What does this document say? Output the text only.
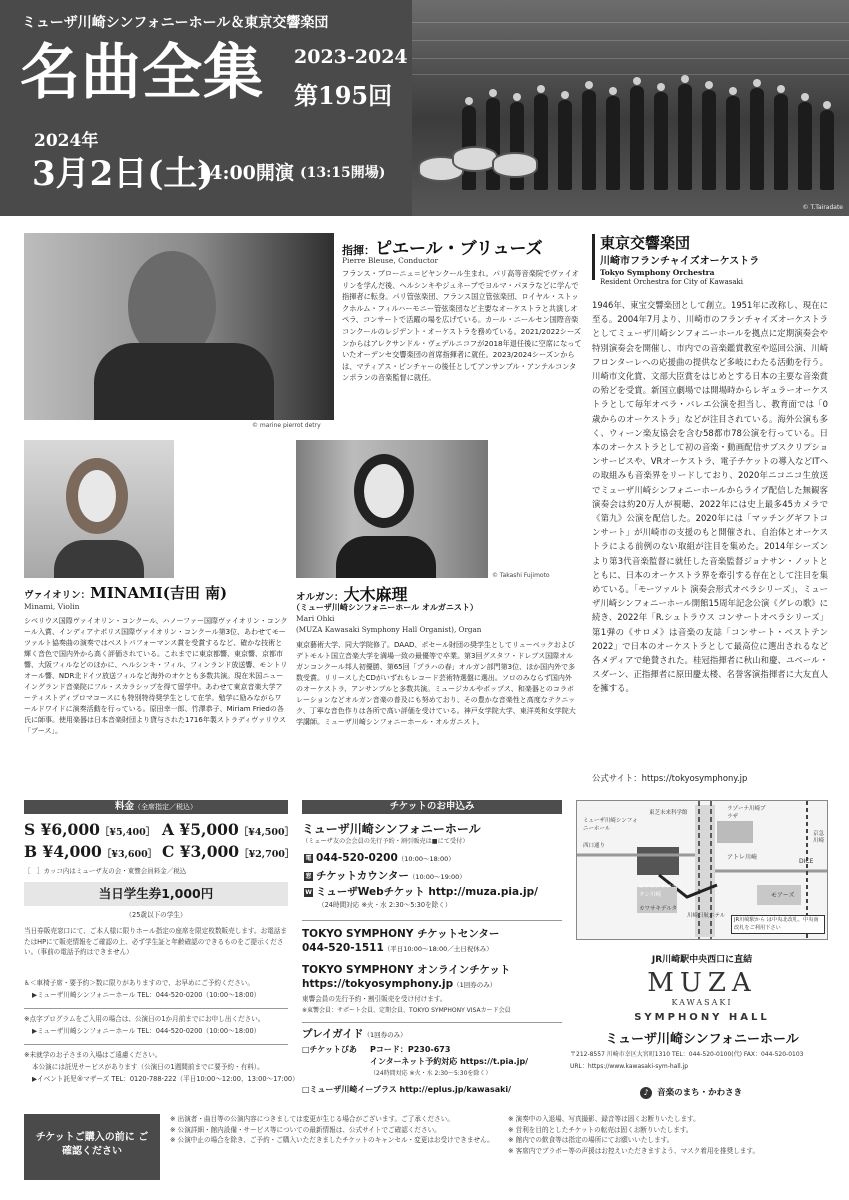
ミューザ川崎シンフォニーホール＆東京交響楽団
名曲全集 2023-2024
第195回
2024年
3月2日(土)
14:00開演 (13:15開場)
© T.Tairadate
© marine pierrot detry
指揮：ピエール・ブリューズ
Pierre Bleuse, Conductor
フランス・ブローニュ＝ビヤンクール生まれ。パリ高等音楽院でヴァイオリンを学んだ後、ヘルシンキやジュネーブでヨルマ・パヌラなどに学んで指揮者に転身。パリ管弦楽団、フランス国立管弦楽団、ロイヤル・ストックホルム・フィルハーモニー管弦楽団など主要なオーケストラと共演しオペラ、コンサートで活躍の場を広げている。カール・ニールセン国際音楽コンクールのレジデント・オーケストラを務めている。2021/2022シーズンからはアレクサンドル・ヴェデルニコフが2018年退任後に空席になっていたオーデンセ交響楽団の首席指揮者に就任。2023/2024シーズンからは、マティアス・ピンチャーの後任としてアンサンブル・アンテルコンタンポランの音楽監督に就任。
東京交響楽団
川崎市フランチャイズオーケストラ
Tokyo Symphony Orchestra
Resident Orchestra for City of Kawasaki
1946年、東宝交響楽団として創立。1951年に改称し、現在に至る。2004年7月より、川崎市のフランチャイズオーケストラとしてミューザ川崎シンフォニーホールを拠点に定期演奏会や特別演奏会を開催し、市内での音楽鑑賞教室や巡回公演、川崎フロンターレへの応援曲の提供など多岐にわたる活動を行う。川崎市文化賞、文部大臣賞をはじめとする日本の主要な音楽賞の殆どを受賞。新国立劇場では開場時からレギュラーオーケストラとして毎年オペラ・バレエ公演を担当し、教育面では「0歳からのオーケストラ」などが注目されている。海外公演も多く、ウィーン楽友協会を含む58都市78公演を行っている。日本のオーケストラとして初の音楽・動画配信サブスクリプションサービスや、VRオーケストラ、電子チケットの導入などITへの取組みも音楽界をリードしており、2020年ニコニコ生放送でミューザ川崎シンフォニーホールからライブ配信した無観客演奏会は約20万人が視聴、2022年には史上最多45カメラで《第九》公演を配信した。2020年には「マッチングギフトコンサート」が川崎市の支援のもと開催され、自治体とオーケストラによる前例のない取組が注目を集めた。2014年シーズンより第3代音楽監督に就任した音楽監督ジョナサン・ノットとともに、日本のオーケストラ界を牽引する存在として注目を集めている。「モーツァルト 演奏会形式オペラシリーズ」、ミューザ川崎シンフォニーホール開館15周年記念公演《グレの歌》に続き、2022年「R.シュトラウス コンサートオペラシリーズ」第1弾の《サロメ》は音楽の友誌「コンサート・ベストテン2022」で日本のオーケストラとして最高位に選出されるなど各メディアで絶賛された。桂冠指揮者に秋山和慶、ユベール・スダーン、正指揮者に原田慶太楼、名誉客演指揮者に大友直人を擁する。
公式サイト：https://tokyosymphony.jp
ヴァイオリン：MINAMI(吉田 南)
Minami, Violin
シベリウス国際ヴァイオリン・コンクール、ハノーファー国際ヴァイオリン・コンクール入賞、インディアナポリス国際ヴァイオリン・コンクール第3位、あわせてモーツァルト協奏曲の演奏ではベストパフォーマンス賞を受賞するなど、確かな技術と輝く音色で国内外から高く評価されている。これまでに東京都響、東京響、京都市響、大阪フィルなどのほかに、ヘルシンキ・フィル、フィンランド放送響、モントリオール響、NDR北ドイツ放送フィルなど海外のオケとも多数共演。現在米国ニューイングランド音楽院にフル・スカラシップを得て留学中。あわせて東京音楽大学アーティストディプロマコースにも特別特待奨学生として在学。勉学に励みながらワールドワイドに演奏活動を行っている。原田幸一郎、竹澤恭子、Miriam Friedの各氏に師事。使用楽器は日本音楽財団より貸与された1716年製ストラディヴァリウス「ブース」。
© Takashi Fujimoto
オルガン：大木麻理
（ミューザ川崎シンフォニーホール オルガニスト）
Mari Ohki
(MUZA Kawasaki Symphony Hall Organist), Organ
東京藝術大学、同大学院修了。DAAD、ポセール財団の奨学生としてリューベックおよびデトモルト国立音楽大学を満場一致の最優等で卒業。第3回グスタフ・ドレブス国際オルガンコンクール邦人初優勝、第65回「プラハの春」オルガン部門第3位、ほか国内外で多数受賞。リリースしたCDがいずれもレコード芸術特選盤に選出。ソロのみならず国内外のオーケストラ、アンサンブルと多数共演。ミュージカルやポップス、和楽器とのコラボレーションなどオルガン音楽の普及にも努めており、その豊かな音楽性と高度なテクニック、丁寧な音色作りは各所で高い評価を受けている。神戸女学院大学、東洋英和女学院大学講師。ミューザ川崎シンフォニーホール・オルガニスト。
料金（全席指定／税込）
S ¥6,000［¥5,400］ A ¥5,000［¥4,500］
B ¥4,000［¥3,600］ C ¥3,000［¥2,700］
［　］カッコ内はミューザ友の会・東響会員料金／税込
当日学生券1,000円
（25歳以下の学生）
当日券販売窓口にて、ご本人様に限りホール指定の座席を限定枚数販売します。お電話またはHPにて販売情報をご確認の上、必ず学生証と年齢確認のできるものをご提示ください。（事前の電話予約はできません）
♿＜車椅子席・要予約＞数に限りがありますので、お早めにご予約ください。
▶ミューザ川崎シンフォニーホール TEL：044-520-0200（10:00～18:00）
※点字プログラムをご入用の場合は、公演日の1か月前までにお申し出ください。
▶ミューザ川崎シンフォニーホール TEL：044-520-0200（10:00～18:00）
※未就学のお子さまの入場はご遠慮ください。
本公演には託児サービスがあります（公演日の1週間前までに要予約・有料）。
▶イベント託児®マザーズ TEL：0120-788-222（平日10:00～12:00、13:00～17:00）
チケットのお申込み
ミューザ川崎シンフォニーホール
（ミューザ友の会会員の先行予約・割引販売は■にて受付）
電 044-520-0200（10:00～18:00）
窓 チケットカウンター（10:00～19:00）
W ミューザWebチケット http://muza.pia.jp/
（24時間対応 ※火・水 2:30～5:30を除く）
TOKYO SYMPHONY チケットセンター
044-520-1511（平日10:00～18:00／土日祝休み）
TOKYO SYMPHONY オンラインチケット
https://tokyosymphony.jp（1回券のみ）
東響会員の先行予約・割引販売を受け付けます。
※東響会員：サポート会員、定期会員、TOKYO SYMPHONY VISAカード会員
プレイガイド（1回券のみ）
□チケットぴあ Pコード：P230-673
インターネット予約対応 https://t.pia.jp/
（24時間対応 ※火・水 2:30～5:30を除く）
□ミューザ川崎イープラス http://eplus.jp/kawasaki/
ラゾーナ川崎プラザ
東芝未来科学館
ミューザ川崎シンフォニーホール
西口通り
アトレ川崎
DICE
モアーズ
ホテルメトロポリタン川崎
カワサキデルタ
川崎日航ホテル
京急川崎
JR川崎駅から は中央北改札、中央南改札をご利用下さい
JR川崎駅中央西口に直結
MUZA
KAWASAKI
SYMPHONY HALL
ミューザ川崎シンフォニーホール
〒212-8557 川崎市幸区大宮町1310 TEL：044-520-0100(代) FAX：044-520-0103
URL：https://www.kawasaki-sym-hall.jp
♪ 音楽のまち・かわさき
チケットご購入の前に ご確認ください
※ 出演者・曲目等の公演内容につきましては変更が生じる場合がございます。ご了承ください。
※ 公演詳細・館内設備・サービス等についての最新情報は、公式サイトでご確認ください。
※ 公演中止の場合を除き、ご予約・ご購入いただきましたチケットのキャンセル・変更はお受けできません。
※ 演奏中の入退場、写真撮影、録音等は固くお断りいたします。
※ 営利を目的としたチケットの転売は固くお断りいたします。
※ 館内での飲食等は指定の場所にてお願いいたします。
※ 客席内でブラボー等の声援はお控えいただきますよう、マスク着用を推奨します。
